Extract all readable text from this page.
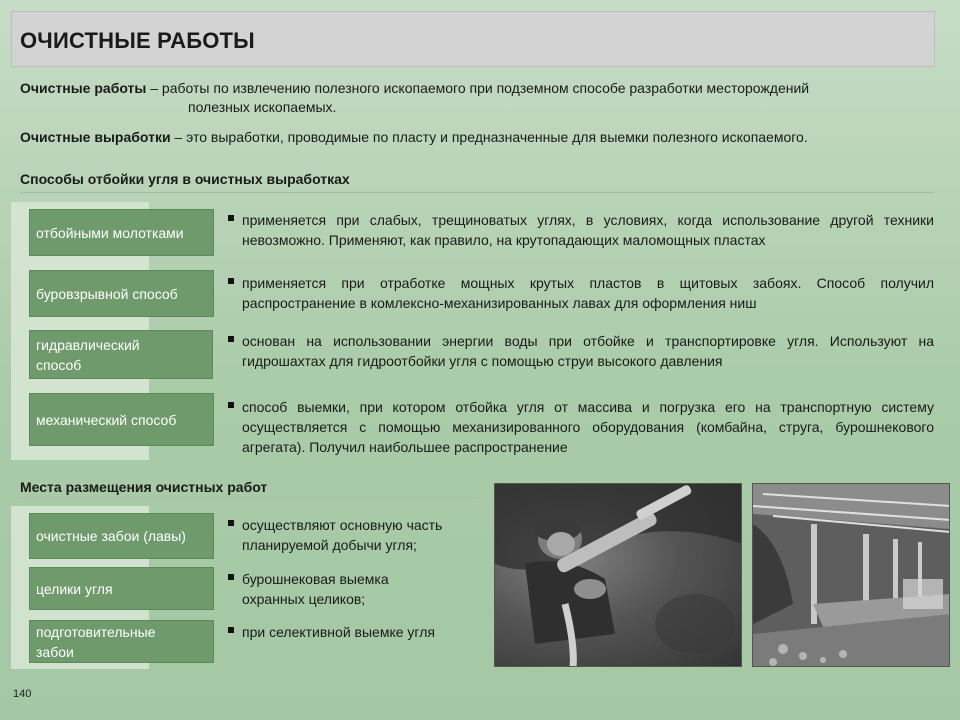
ОЧИСТНЫЕ РАБОТЫ
Очистные работы – работы по извлечению полезного ископаемого при подземном способе разработки месторождений
полезных ископаемых.
Очистные выработки – это выработки, проводимые по пласту и предназначенные для выемки полезного ископаемого.
Способы отбойки угля в очистных выработках
отбойными молотками
применяется при слабых, трещиноватых углях, в условиях, когда использование другой техники невозможно. Применяют, как правило, на крутопадающих маломощных пластах
буровзрывной способ
применяется при отработке мощных крутых пластов в щитовых забоях. Способ получил распространение в комлексно-механизированных лавах для оформления ниш
гидравлический способ
основан на использовании энергии воды при отбойке и транспортировке угля. Используют на гидрошахтах для гидроотбойки угля с помощью струи высокого давления
механический способ
способ выемки, при котором отбойка угля от массива и погрузка его на транспортную систему осуществляется с помощью механизированного оборудования (комбайна, струга, бурошнекового агрегата). Получил наибольшее распространение
Места размещения очистных работ
очистные забои (лавы)
осуществляют основную часть планируемой добычи угля;
целики угля
бурошнековая выемка охранных целиков;
подготовительные забои
при селективной выемке угля
140
